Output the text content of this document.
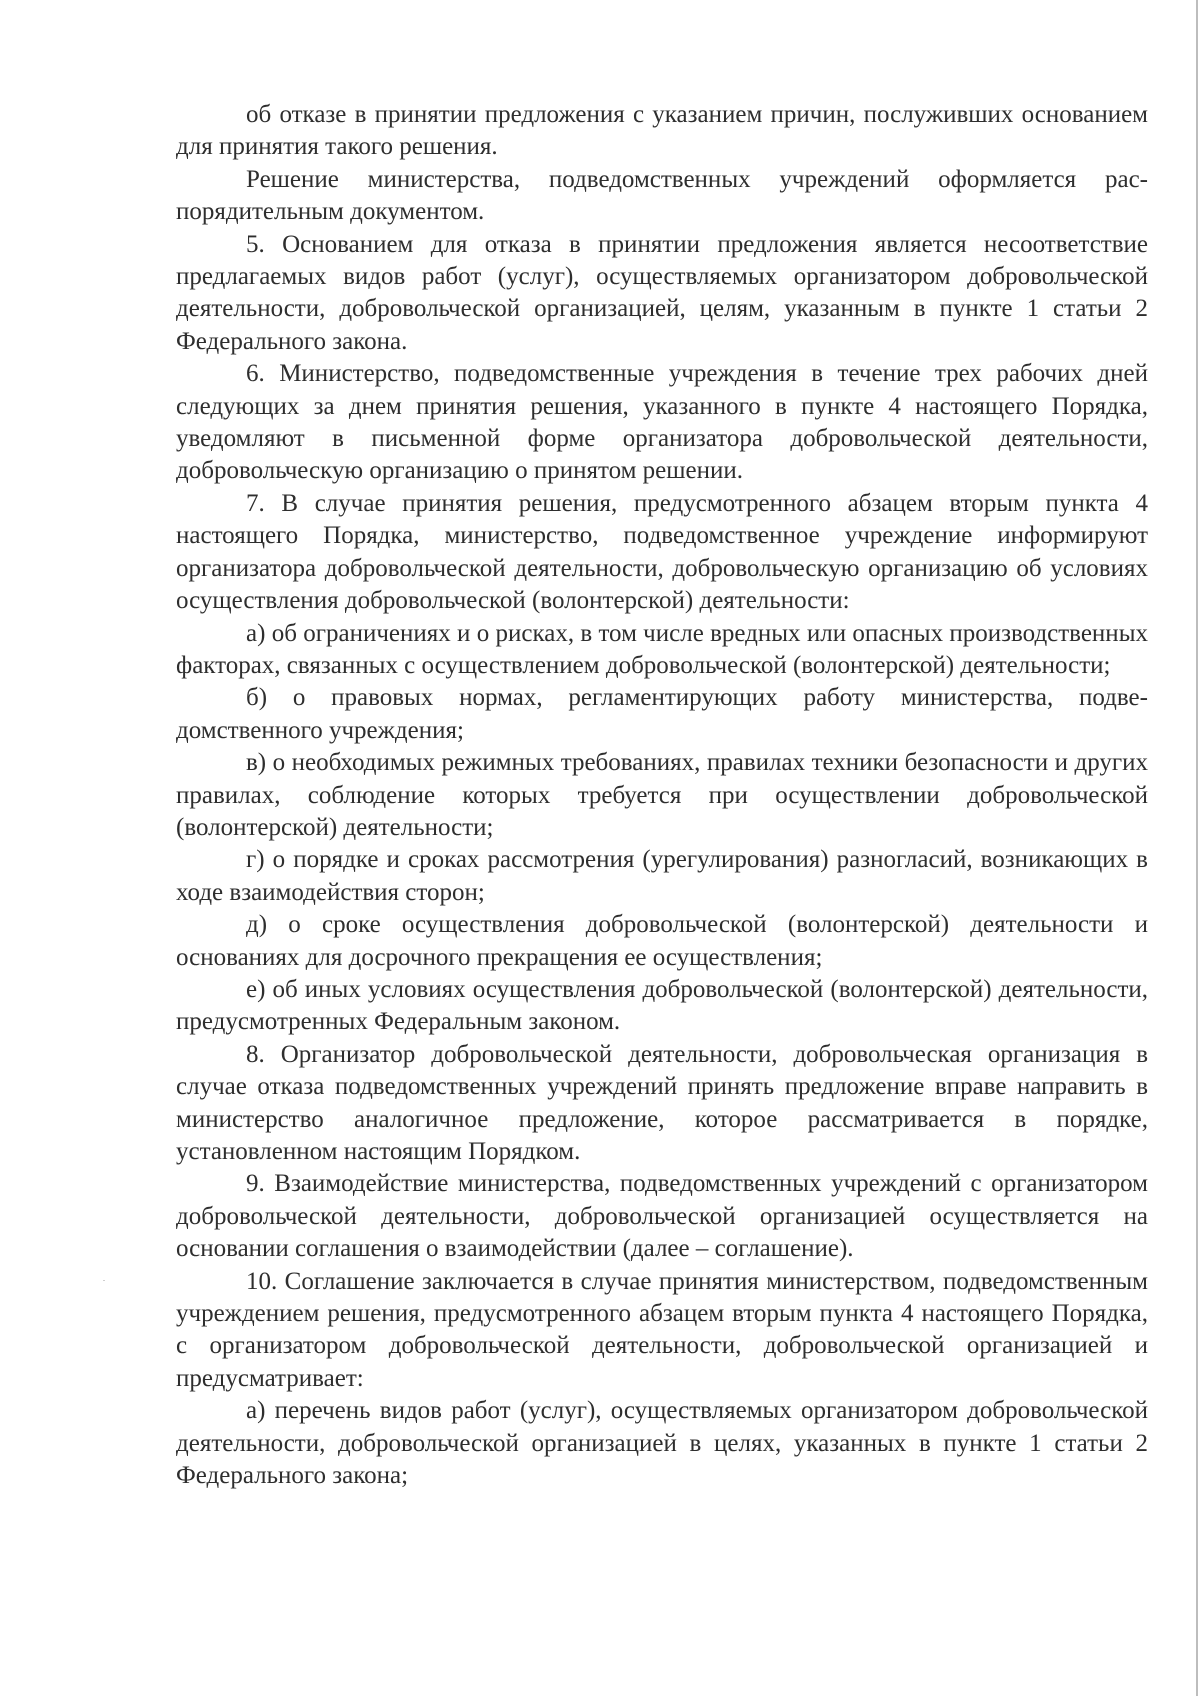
об отказе в принятии предложения с указанием причин, послуживших основанием для принятия такого решения.

Решение министерства, подведомственных учреждений оформляется распорядительным документом.

5. Основанием для отказа в принятии предложения является несоответствие предлагаемых видов работ (услуг), осуществляемых организатором добровольческой деятельности, добровольческой организацией, целям, указанным в пункте 1 статьи 2 Федерального закона.

6. Министерство, подведомственные учреждения в течение трех рабочих дней следующих за днем принятия решения, указанного в пункте 4 настоящего Порядка, уведомляют в письменной форме организатора добровольческой деятельности, добровольческую организацию о принятом решении.

7. В случае принятия решения, предусмотренного абзацем вторым пункта 4 настоящего Порядка, министерство, подведомственное учреждение информируют организатора добровольческой деятельности, добровольческую организацию об условиях осуществления добровольческой (волонтерской) деятельности:

а) об ограничениях и о рисках, в том числе вредных или опасных производственных факторах, связанных с осуществлением добровольческой (волонтерской) деятельности;

б) о правовых нормах, регламентирующих работу министерства, подведомственного учреждения;

в) о необходимых режимных требованиях, правилах техники безопасности и других правилах, соблюдение которых требуется при осуществлении добровольческой (волонтерской) деятельности;

г) о порядке и сроках рассмотрения (урегулирования) разногласий, возникающих в ходе взаимодействия сторон;

д) о сроке осуществления добровольческой (волонтерской) деятельности и основаниях для досрочного прекращения ее осуществления;

е) об иных условиях осуществления добровольческой (волонтерской) деятельности, предусмотренных Федеральным законом.

8. Организатор добровольческой деятельности, добровольческая организация в случае отказа подведомственных учреждений принять предложение вправе направить в министерство аналогичное предложение, которое рассматривается в порядке, установленном настоящим Порядком.

9. Взаимодействие министерства, подведомственных учреждений с организатором добровольческой деятельности, добровольческой организацией осуществляется на основании соглашения о взаимодействии (далее – соглашение).

10. Соглашение заключается в случае принятия министерством, подведомственным учреждением решения, предусмотренного абзацем вторым пункта 4 настоящего Порядка, с организатором добровольческой деятельности, добровольческой организацией и предусматривает:

а) перечень видов работ (услуг), осуществляемых организатором добровольческой деятельности, добровольческой организацией в целях, указанных в пункте 1 статьи 2 Федерального закона;
